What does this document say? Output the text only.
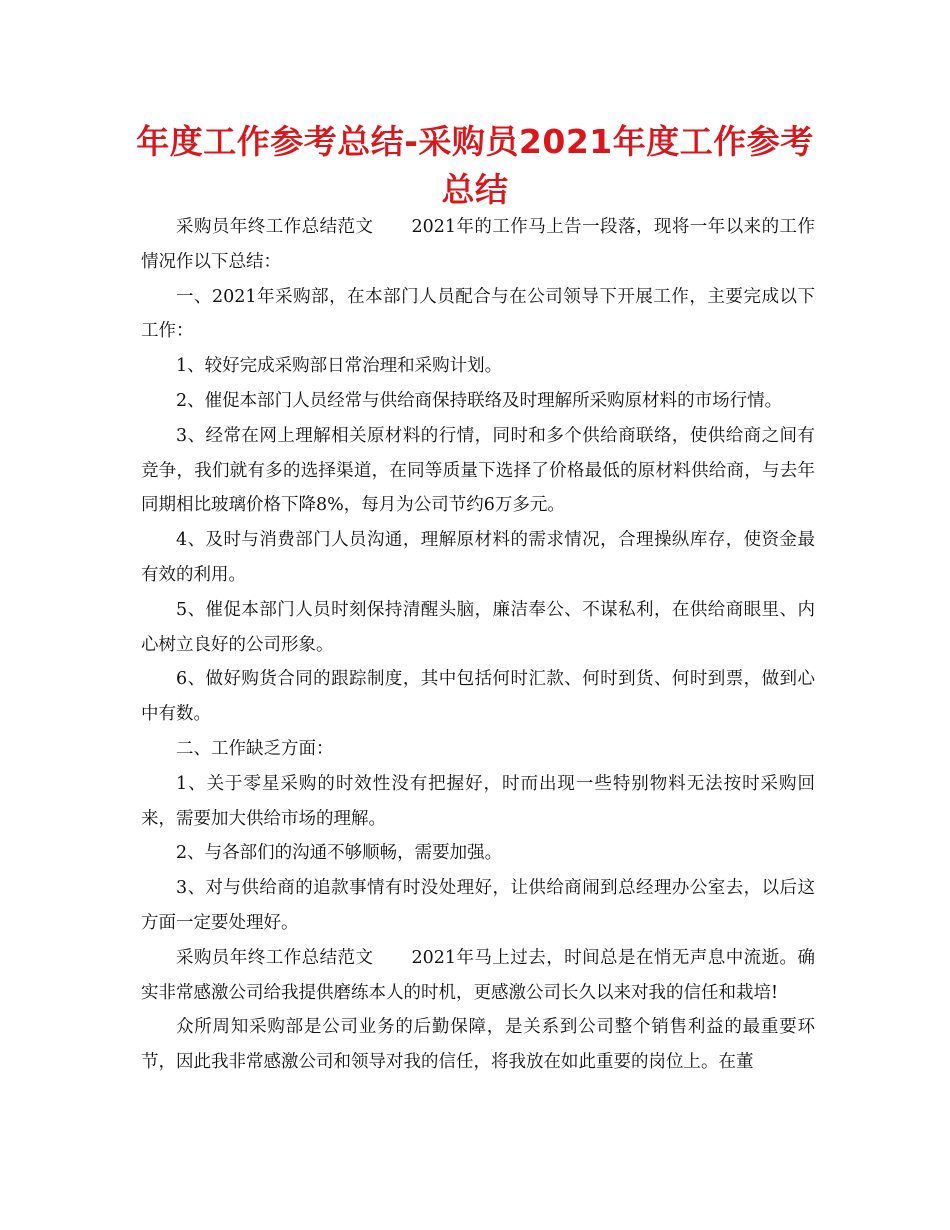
年度工作参考总结-采购员2021年度工作参考总结

采购员年终工作总结范文 2021年的工作马上告一段落，现将一年以来的工作情况作以下总结：

一、2021年采购部，在本部门人员配合与在公司领导下开展工作，主要完成以下工作：

1、较好完成采购部日常治理和采购计划。

2、催促本部门人员经常与供给商保持联络及时理解所采购原材料的市场行情。

3、经常在网上理解相关原材料的行情，同时和多个供给商联络，使供给商之间有竞争，我们就有多的选择渠道，在同等质量下选择了价格最低的原材料供给商，与去年同期相比玻璃价格下降8%，每月为公司节约6万多元。

4、及时与消费部门人员沟通，理解原材料的需求情况，合理操纵库存，使资金最有效的利用。

5、催促本部门人员时刻保持清醒头脑，廉洁奉公、不谋私利，在供给商眼里、内心树立良好的公司形象。

6、做好购货合同的跟踪制度，其中包括何时汇款、何时到货、何时到票，做到心中有数。

二、工作缺乏方面：

1、关于零星采购的时效性没有把握好，时而出现一些特别物料无法按时采购回来，需要加大供给市场的理解。

2、与各部们的沟通不够顺畅，需要加强。

3、对与供给商的追款事情有时没处理好，让供给商闹到总经理办公室去，以后这方面一定要处理好。

采购员年终工作总结范文 2021年马上过去，时间总是在悄无声息中流逝。确实非常感激公司给我提供磨练本人的时机，更感激公司长久以来对我的信任和栽培!

众所周知采购部是公司业务的后勤保障，是关系到公司整个销售利益的最重要环节，因此我非常感激公司和领导对我的信任，将我放在如此重要的岗位上。在董
